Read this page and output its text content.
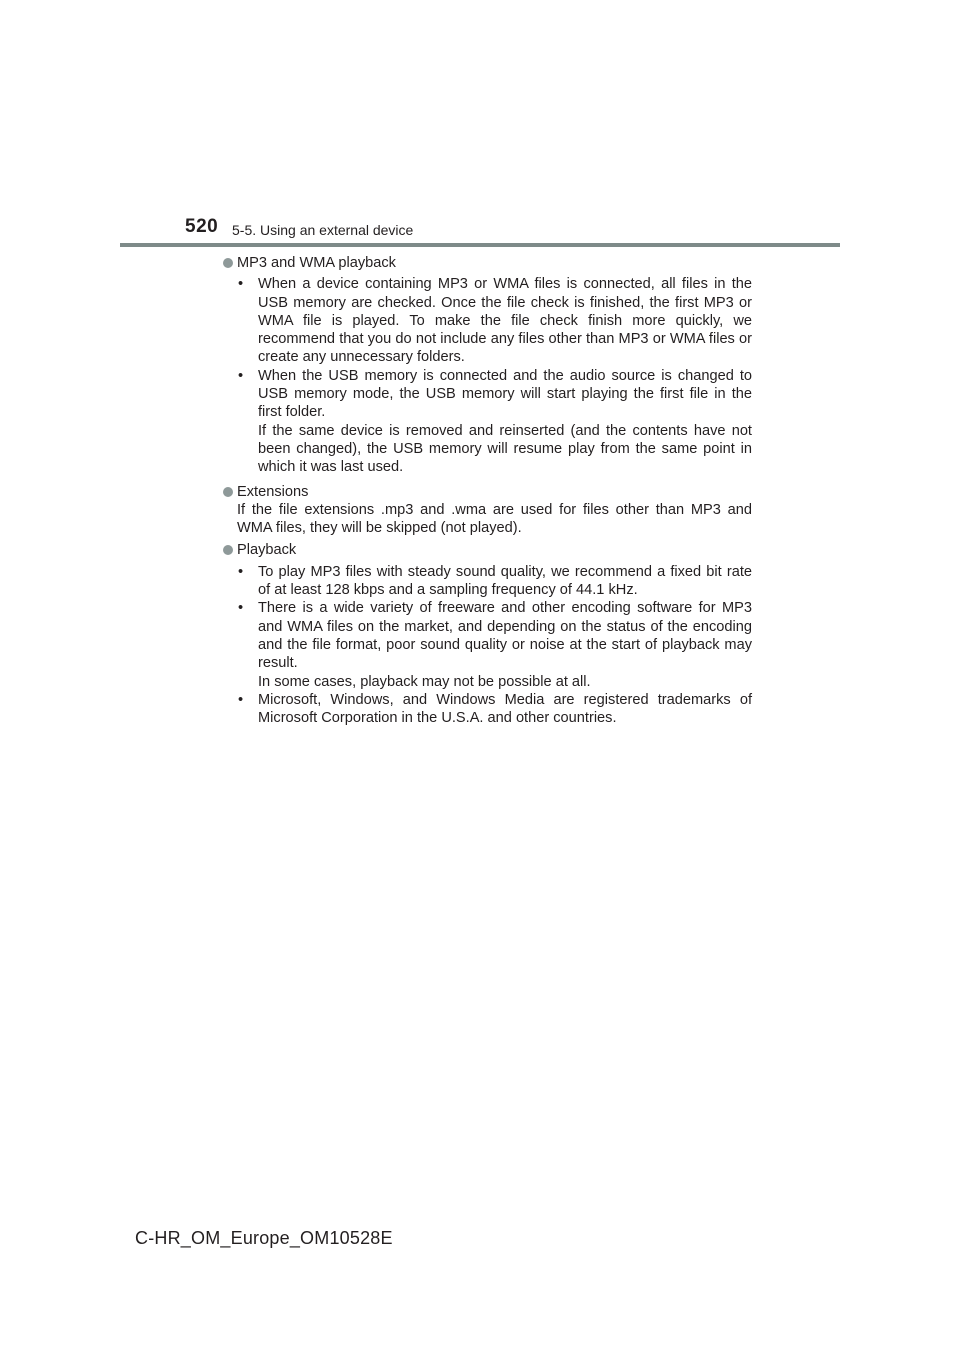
520 5-5. Using an external device
MP3 and WMA playback
• When a device containing MP3 or WMA files is connected, all files in the USB memory are checked. Once the file check is finished, the first MP3 or WMA file is played. To make the file check finish more quickly, we recommend that you do not include any files other than MP3 or WMA files or create any unnecessary folders.
• When the USB memory is connected and the audio source is changed to USB memory mode, the USB memory will start playing the first file in the first folder.
If the same device is removed and reinserted (and the contents have not been changed), the USB memory will resume play from the same point in which it was last used.
Extensions
If the file extensions .mp3 and .wma are used for files other than MP3 and WMA files, they will be skipped (not played).
Playback
• To play MP3 files with steady sound quality, we recommend a fixed bit rate of at least 128 kbps and a sampling frequency of 44.1 kHz.
• There is a wide variety of freeware and other encoding software for MP3 and WMA files on the market, and depending on the status of the encoding and the file format, poor sound quality or noise at the start of playback may result.
In some cases, playback may not be possible at all.
• Microsoft, Windows, and Windows Media are registered trademarks of Microsoft Corporation in the U.S.A. and other countries.
C-HR_OM_Europe_OM10528E
